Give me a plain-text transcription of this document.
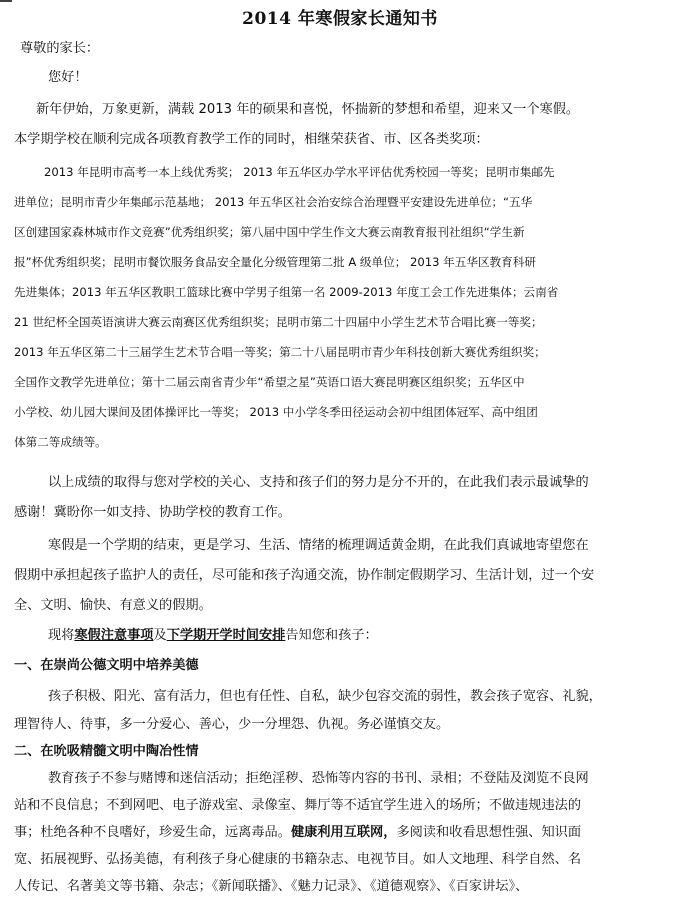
2014 年寒假家长通知书
尊敬的家长：
您好！
新年伊始，万象更新，满载 2013 年的硕果和喜悦，怀揣新的梦想和希望，迎来又一个寒假。
本学期学校在顺利完成各项教育教学工作的同时，相继荣获省、市、区各类奖项：
2013 年昆明市高考一本上线优秀奖； 2013 年五华区办学水平评估优秀校园一等奖；昆明市集邮先
进单位；昆明市青少年集邮示范基地； 2013 年五华区社会治安综合治理暨平安建设先进单位；“五华
区创建国家森林城市作文竞赛”优秀组织奖；第八届中国中学生作文大赛云南教育报刊社组织“学生新
报”杯优秀组织奖；昆明市餐饮服务食品安全量化分级管理第二批 A 级单位； 2013 年五华区教育科研
先进集体；2013 年五华区教职工篮球比赛中学男子组第一名 2009-2013 年度工会工作先进集体；云南省
21 世纪杯全国英语演讲大赛云南赛区优秀组织奖；昆明市第二十四届中小学生艺术节合唱比赛一等奖；
2013 年五华区第二十三届学生艺术节合唱一等奖；第二十八届昆明市青少年科技创新大赛优秀组织奖；
全国作文教学先进单位；第十二届云南省青少年“希望之星”英语口语大赛昆明赛区组织奖；五华区中
小学校、幼儿园大课间及团体操评比一等奖； 2013 中小学冬季田径运动会初中组团体冠军、高中组团
体第二等成绩等。
以上成绩的取得与您对学校的关心、支持和孩子们的努力是分不开的，在此我们表示最诚挚的
感谢！冀盼你一如支持、协助学校的教育工作。
寒假是一个学期的结束，更是学习、生活、情绪的梳理调适黄金期，在此我们真诚地寄望您在
假期中承担起孩子监护人的责任，尽可能和孩子沟通交流，协作制定假期学习、生活计划，过一个安
全、文明、愉快、有意义的假期。
现将寒假注意事项及下学期开学时间安排告知您和孩子：
一、在崇尚公德文明中培养美德
孩子积极、阳光、富有活力，但也有任性、自私，缺少包容交流的弱性，教会孩子宽容、礼貌，
理智待人、待事，多一分爱心、善心，少一分埋怨、仇视。务必谨慎交友。
二、在吮吸精髓文明中陶冶性情
教育孩子不参与赌博和迷信活动；拒绝淫秽、恐怖等内容的书刊、录相；不登陆及浏览不良网
站和不良信息；不到网吧、电子游戏室、录像室、舞厅等不适宜学生进入的场所；不做违规违法的
事；杜绝各种不良嗜好，珍爱生命，远离毒品。健康利用互联网，多阅读和收看思想性强、知识面
宽、拓展视野、弘扬美德，有利孩子身心健康的书籍杂志、电视节目。如人文地理、科学自然、名
人传记、名著美文等书籍、杂志；《新闻联播》、《魅力记录》、《道德观察》、《百家讲坛》、
